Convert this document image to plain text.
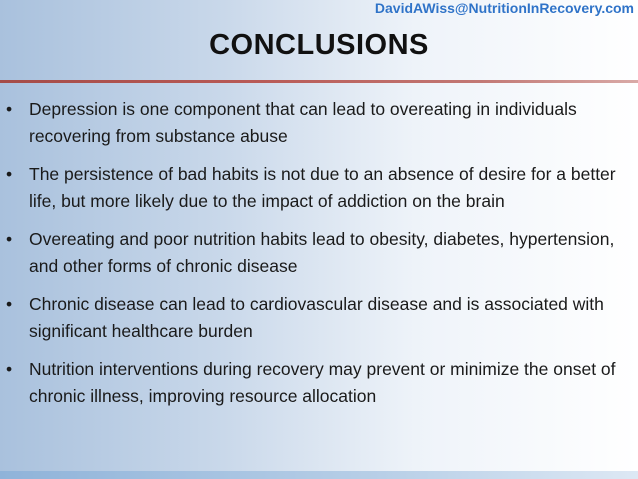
DavidAWiss@NutritionInRecovery.com
CONCLUSIONS
• Depression is one component that can lead to overeating in individuals recovering from substance abuse
• The persistence of bad habits is not due to an absence of desire for a better life, but more likely due to the impact of addiction on the brain
• Overeating and poor nutrition habits lead to obesity, diabetes, hypertension, and other forms of chronic disease
• Chronic disease can lead to cardiovascular disease and is associated with significant healthcare burden
• Nutrition interventions during recovery may prevent or minimize the onset of chronic illness, improving resource allocation
